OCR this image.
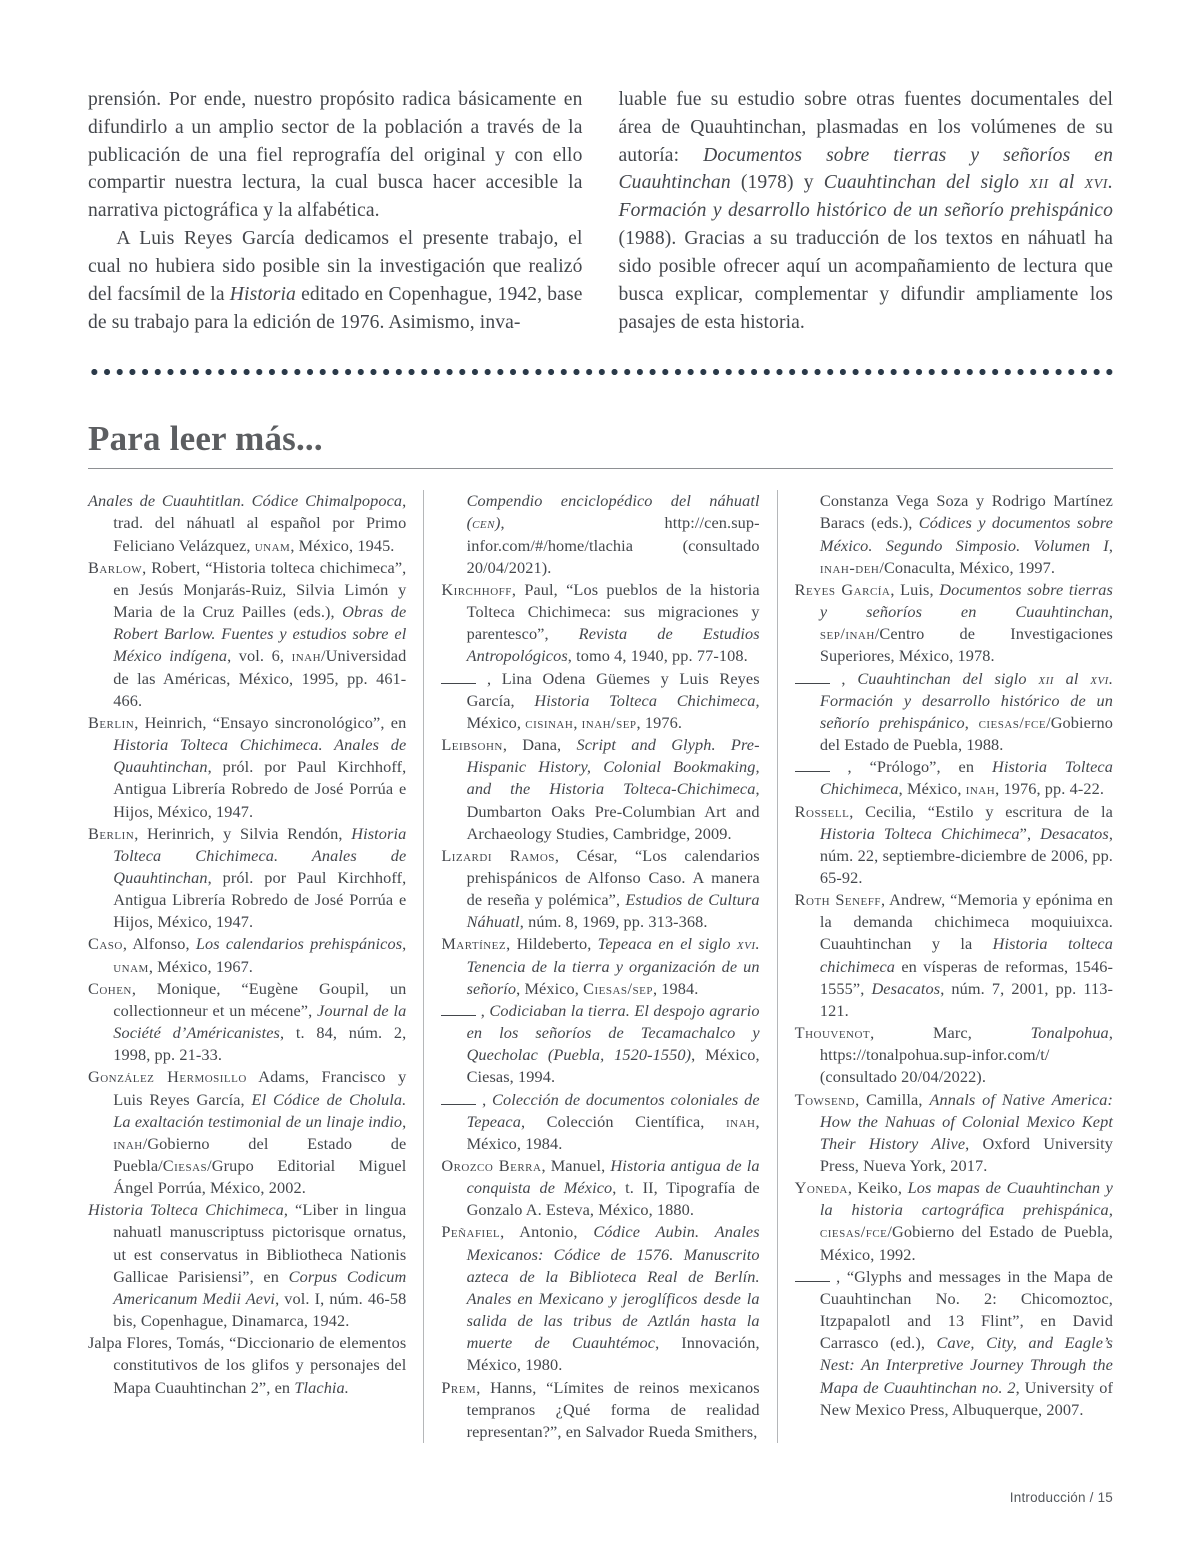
prensión. Por ende, nuestro propósito radica básicamente en difundirlo a un amplio sector de la población a través de la publicación de una fiel reprografía del original y con ello compartir nuestra lectura, la cual busca hacer accesible la narrativa pictográfica y la alfabética.

A Luis Reyes García dedicamos el presente trabajo, el cual no hubiera sido posible sin la investigación que realizó del facsímil de la Historia editado en Copenhague, 1942, base de su trabajo para la edición de 1976. Asimismo, inva-

luable fue su estudio sobre otras fuentes documentales del área de Quauhtinchan, plasmadas en los volúmenes de su autoría: Documentos sobre tierras y señoríos en Cuauhtinchan (1978) y Cuauhtinchan del siglo xii al xvi. Formación y desarrollo histórico de un señorío prehispánico (1988). Gracias a su traducción de los textos en náhuatl ha sido posible ofrecer aquí un acompañamiento de lectura que busca explicar, complementar y difundir ampliamente los pasajes de esta historia.

Para leer más...

Anales de Cuauhtitlan. Códice Chimalpopoca, trad. del náhuatl al español por Primo Feliciano Velázquez, unam, México, 1945.

Barlow, Robert, “Historia tolteca chichimeca”, en Jesús Monjarás-Ruiz, Silvia Limón y Maria de la Cruz Pailles (eds.), Obras de Robert Barlow. Fuentes y estudios sobre el México indígena, vol. 6, inah/Universidad de las Américas, México, 1995, pp. 461-466.

Berlin, Heinrich, “Ensayo sincronológico”, en Historia Tolteca Chichimeca. Anales de Quauhtinchan, pról. por Paul Kirchhoff, Antigua Librería Robredo de José Porrúa e Hijos, México, 1947.

Berlin, Herinrich, y Silvia Rendón, Historia Tolteca Chichimeca. Anales de Quauhtinchan, pról. por Paul Kirchhoff, Antigua Librería Robredo de José Porrúa e Hijos, México, 1947.

Caso, Alfonso, Los calendarios prehispánicos, unam, México, 1967.

Cohen, Monique, “Eugène Goupil, un collectionneur et un mécene”, Journal de la Société d’Américanistes, t. 84, núm. 2, 1998, pp. 21-33.

González Hermosillo Adams, Francisco y Luis Reyes García, El Códice de Cholula. La exaltación testimonial de un linaje indio, inah/Gobierno del Estado de Puebla/Ciesas/Grupo Editorial Miguel Ángel Porrúa, México, 2002.

Historia Tolteca Chichimeca, “Liber in lingua nahuatl manuscriptuss pictorisque ornatus, ut est conservatus in Bibliotheca Nationis Gallicae Parisiensi”, en Corpus Codicum Americanum Medii Aevi, vol. I, núm. 46-58 bis, Copenhague, Dinamarca, 1942.

Jalpa Flores, Tomás, “Diccionario de elementos constitutivos de los glifos y personajes del Mapa Cuauhtinchan 2”, en Tlachia.

Compendio enciclopédico del náhuatl (cen), http://cen.sup-infor.com/#/home/tlachia (consultado 20/04/2021).

Kirchhoff, Paul, “Los pueblos de la historia Tolteca Chichimeca: sus migraciones y parentesco”, Revista de Estudios Antropológicos, tomo 4, 1940, pp. 77-108.

, Lina Odena Güemes y Luis Reyes García, Historia Tolteca Chichimeca, México, cisinah, inah/sep, 1976.

Leibsohn, Dana, Script and Glyph. Pre-Hispanic History, Colonial Bookmaking, and the Historia Tolteca-Chichimeca, Dumbarton Oaks Pre-Columbian Art and Archaeology Studies, Cambridge, 2009.

Lizardi Ramos, César, “Los calendarios prehispánicos de Alfonso Caso. A manera de reseña y polémica”, Estudios de Cultura Náhuatl, núm. 8, 1969, pp. 313-368.

Martínez, Hildeberto, Tepeaca en el siglo xvi. Tenencia de la tierra y organización de un señorío, México, Ciesas/sep, 1984.

, Codiciaban la tierra. El despojo agrario en los señoríos de Tecamachalco y Quecholac (Puebla, 1520-1550), México, Ciesas, 1994.

, Colección de documentos coloniales de Tepeaca, Colección Científica, inah, México, 1984.

Orozco Berra, Manuel, Historia antigua de la conquista de México, t. II, Tipografía de Gonzalo A. Esteva, México, 1880.

Peñafiel, Antonio, Códice Aubin. Anales Mexicanos: Códice de 1576. Manuscrito azteca de la Biblioteca Real de Berlín. Anales en Mexicano y jeroglíficos desde la salida de las tribus de Aztlán hasta la muerte de Cuauhtémoc, Innovación, México, 1980.

Prem, Hanns, “Límites de reinos mexicanos tempranos ¿Qué forma de realidad representan?”, en Salvador Rueda Smithers,

Constanza Vega Soza y Rodrigo Martínez Baracs (eds.), Códices y documentos sobre México. Segundo Simposio. Volumen I, inah-deh/Conaculta, México, 1997.

Reyes García, Luis, Documentos sobre tierras y señoríos en Cuauhtinchan, sep/inah/Centro de Investigaciones Superiores, México, 1978.

, Cuauhtinchan del siglo xii al xvi. Formación y desarrollo histórico de un señorío prehispánico, ciesas/fce/Gobierno del Estado de Puebla, 1988.

, “Prólogo”, en Historia Tolteca Chichimeca, México, inah, 1976, pp. 4-22.

Rossell, Cecilia, “Estilo y escritura de la Historia Tolteca Chichimeca”, Desacatos, núm. 22, septiembre-diciembre de 2006, pp. 65-92.

Roth Seneff, Andrew, “Memoria y epónima en la demanda chichimeca moquiuixca. Cuauhtinchan y la Historia tolteca chichimeca en vísperas de reformas, 1546-1555”, Desacatos, núm. 7, 2001, pp. 113-121.

Thouvenot, Marc, Tonalpohua, https://tonalpohua.sup-infor.com/t/ (consultado 20/04/2022).

Towsend, Camilla, Annals of Native America: How the Nahuas of Colonial Mexico Kept Their History Alive, Oxford University Press, Nueva York, 2017.

Yoneda, Keiko, Los mapas de Cuauhtinchan y la historia cartográfica prehispánica, ciesas/fce/Gobierno del Estado de Puebla, México, 1992.

, “Glyphs and messages in the Mapa de Cuauhtinchan No. 2: Chicomoztoc, Itzpapalotl and 13 Flint”, en David Carrasco (ed.), Cave, City, and Eagle’s Nest: An Interpretive Journey Through the Mapa de Cuauhtinchan no. 2, University of New Mexico Press, Albuquerque, 2007.

Introducción / 15
